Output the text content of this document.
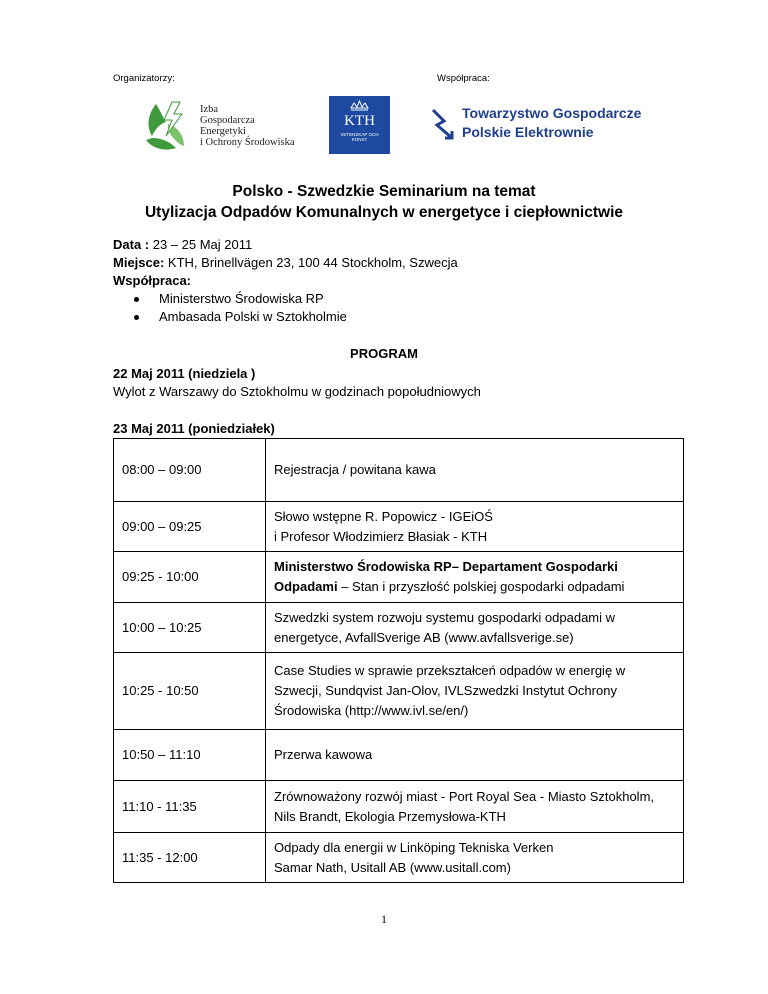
Organizatorzy:	Współpraca:
Izba
Gospodarcza
Energetyki
i Ochrony Środowiska
KTH
VETENSKAP OCH KONST
Towarzystwo Gospodarcze
Polskie Elektrownie
Polsko - Szwedzkie Seminarium na temat
Utylizacja Odpadów Komunalnych w energetyce i ciepłownictwie
Data : 23 – 25 Maj 2011
Miejsce: KTH, Brinellvägen 23, 100 44 Stockholm, Szwecja
Współpraca:
Ministerstwo Środowiska RP
Ambasada Polski w Sztokholmie
PROGRAM
22 Maj 2011 (niedziela )
Wylot z Warszawy do Sztokholmu w godzinach popołudniowych
23 Maj 2011 (poniedziałek)
08:00 – 09:00	Rejestracja / powitana kawa

09:00 – 09:25	Słowo wstępne R. Popowicz - IGEiOŚ
i Profesor Włodzimierz Błasiak - KTH

09:25 - 10:00	Ministerstwo Środowiska RP– Departament Gospodarki
Odpadami – Stan i przyszłość polskiej gospodarki odpadami

10:00 – 10:25	Szwedzki system rozwoju systemu gospodarki odpadami w
energetyce, AvfallSverige AB (www.avfallsverige.se)

10:25 - 10:50	Case Studies w sprawie przekształceń odpadów w energię w
Szwecji, Sundqvist Jan-Olov, IVLSzwedzki Instytut Ochrony
Środowiska (http://www.ivl.se/en/)

10:50 – 11:10	Przerwa kawowa

11:10 - 11:35	Zrównoważony rozwój miast - Port Royal Sea - Miasto Sztokholm,
Nils Brandt, Ekologia Przemysłowa-KTH

11:35 - 12:00	Odpady dla energii w Linköping Tekniska Verken
Samar Nath, Usitall AB (www.usitall.com)
1
